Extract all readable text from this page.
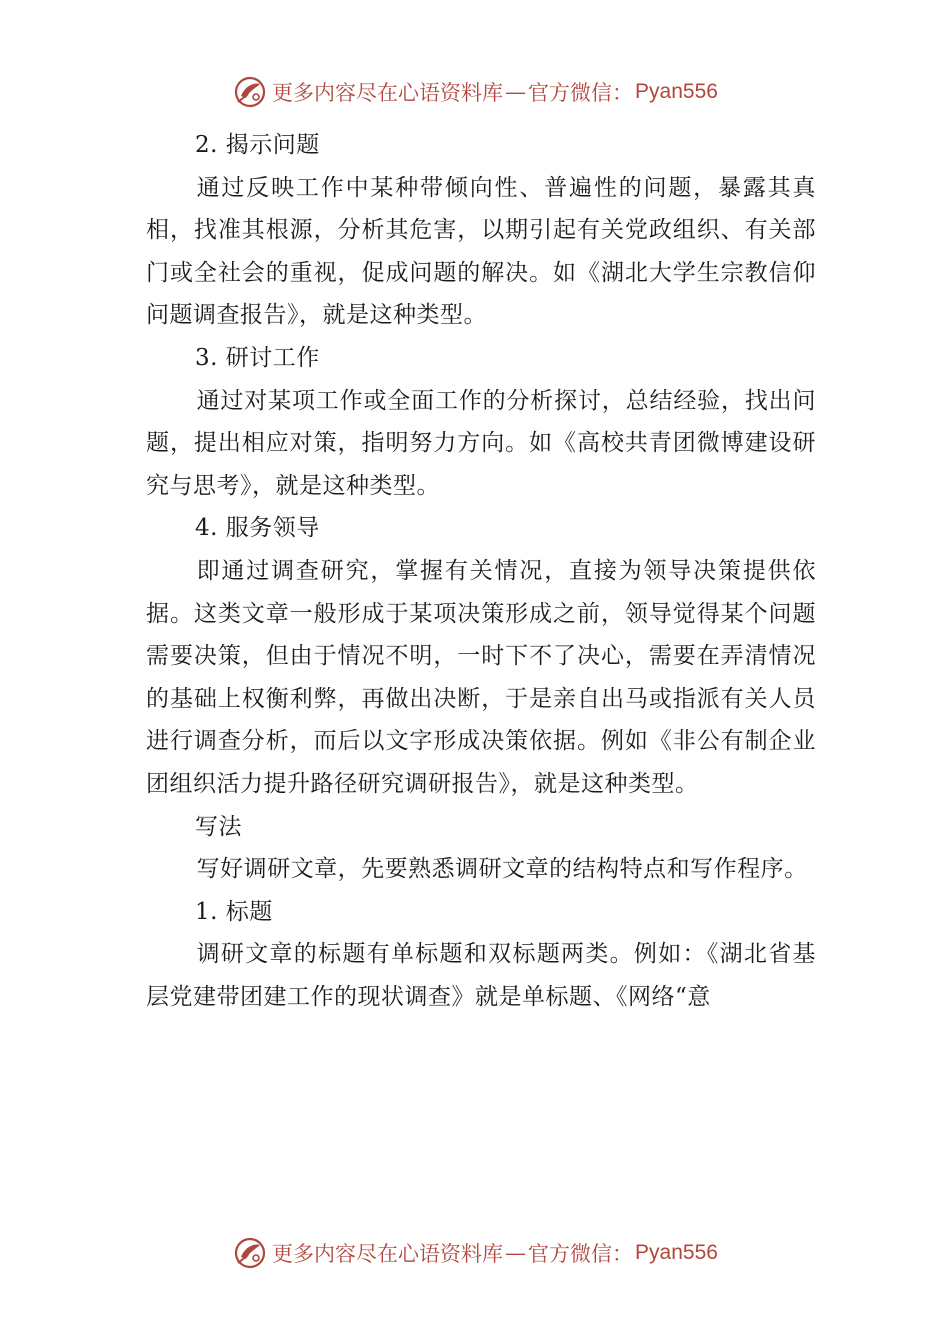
更多内容尽在心语资料库 — 官方微信： Pyan556

2. 揭示问题

通过反映工作中某种带倾向性、普遍性的问题，暴露其真相，找准其根源，分析其危害，以期引起有关党政组织、有关部门或全社会的重视，促成问题的解决。如《湖北大学生宗教信仰问题调查报告》，就是这种类型。

3. 研讨工作

通过对某项工作或全面工作的分析探讨，总结经验，找出问题，提出相应对策，指明努力方向。如《高校共青团微博建设研究与思考》，就是这种类型。

4. 服务领导

即通过调查研究，掌握有关情况，直接为领导决策提供依据。这类文章一般形成于某项决策形成之前，领导觉得某个问题需要决策，但由于情况不明，一时下不了决心，需要在弄清情况的基础上权衡利弊，再做出决断，于是亲自出马或指派有关人员进行调查分析，而后以文字形成决策依据。例如《非公有制企业团组织活力提升路径研究调研报告》，就是这种类型。

写法

写好调研文章，先要熟悉调研文章的结构特点和写作程序。

1. 标题

调研文章的标题有单标题和双标题两类。例如：《湖北省基层党建带团建工作的现状调查》就是单标题、《网络“意

更多内容尽在心语资料库 — 官方微信： Pyan556
